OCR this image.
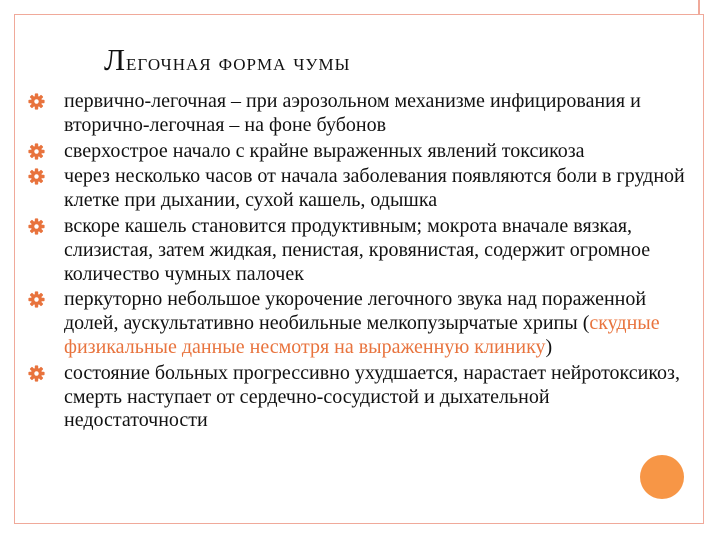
Легочная форма чумы
первично-легочная – при аэрозольном механизме инфицирования и вторично-легочная – на фоне бубонов
сверхострое начало с крайне выраженных явлений токсикоза
через несколько часов от начала заболевания появляются боли в грудной клетке при дыхании, сухой кашель, одышка
вскоре кашель становится продуктивным; мокрота вначале вязкая, слизистая, затем жидкая, пенистая, кровянистая, содержит огромное количество чумных палочек
перкуторно небольшое укорочение легочного звука над пораженной долей, аускультативно необильные мелкопузырчатые хрипы (скудные физикальные данные несмотря на выраженную клинику)
состояние больных прогрессивно ухудшается, нарастает нейротоксикоз, смерть наступает от сердечно-сосудистой и дыхательной недостаточности
